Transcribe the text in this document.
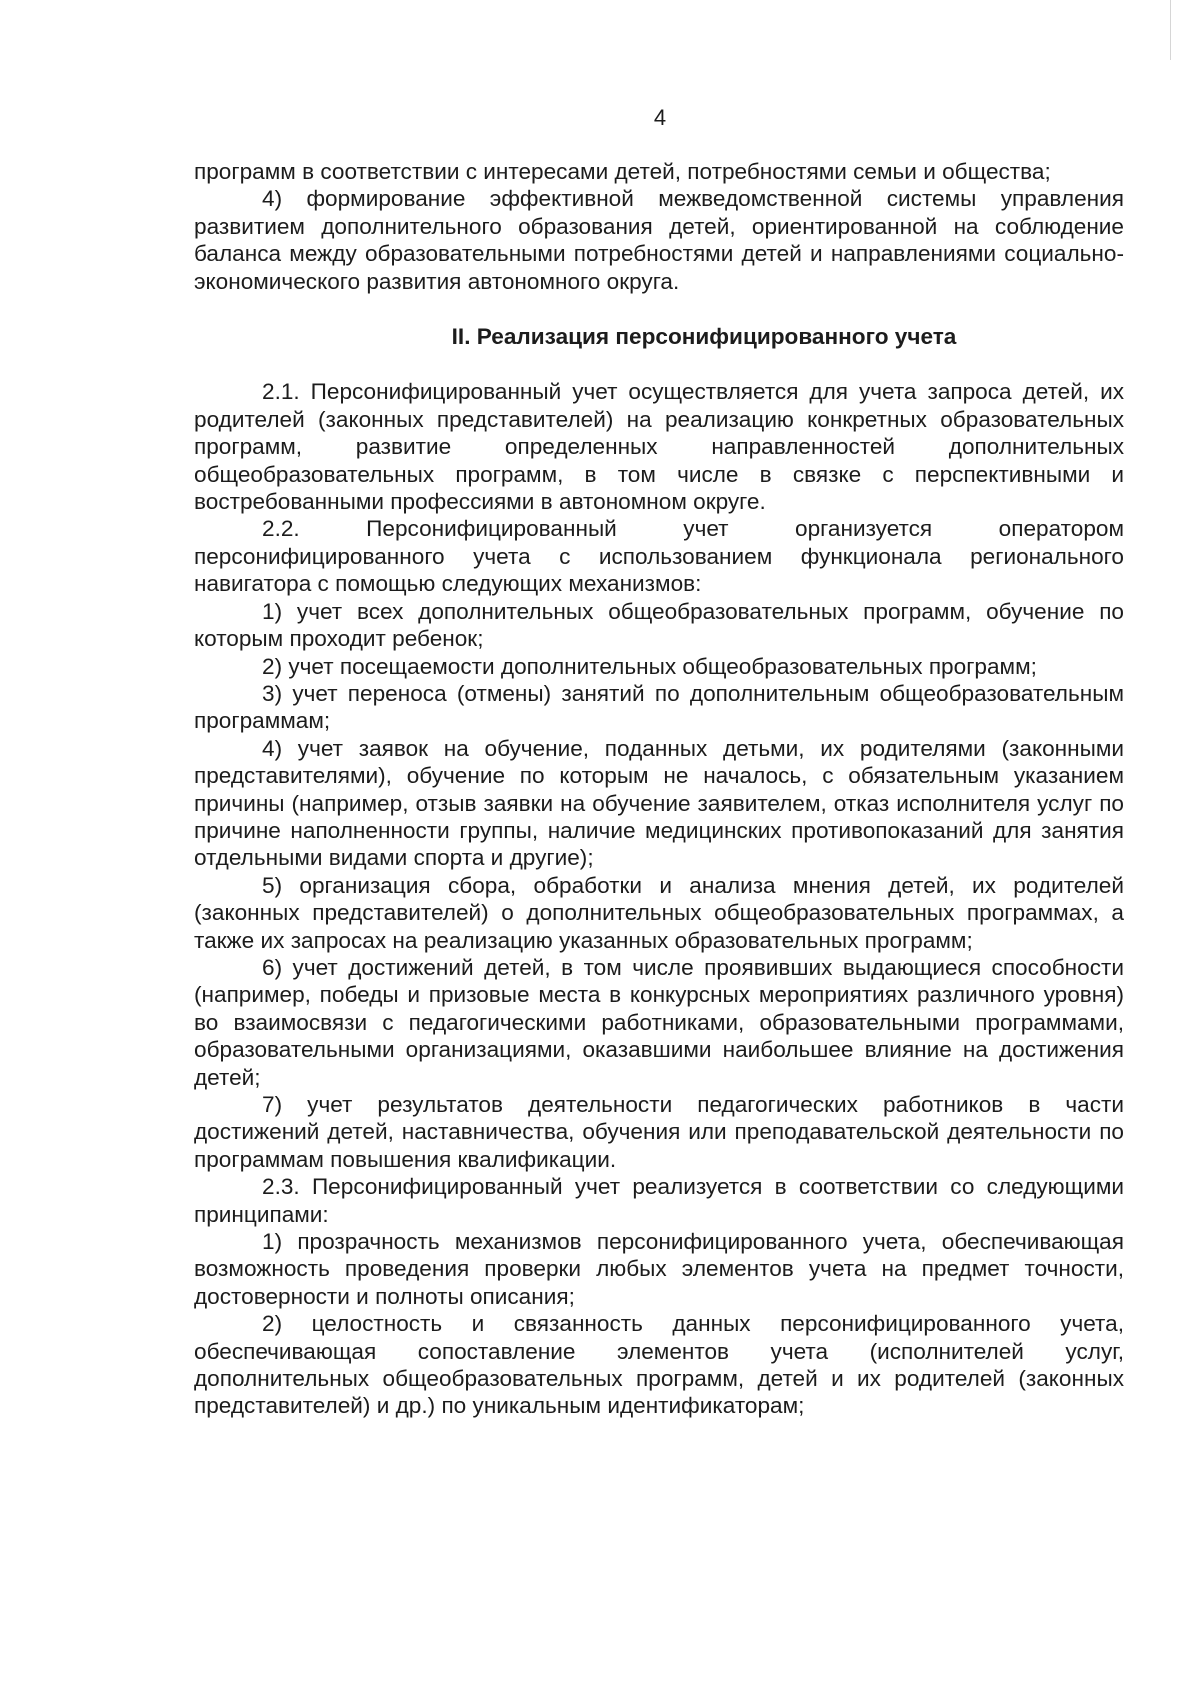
4

программ в соответствии с интересами детей, потребностями семьи и общества;

4) формирование эффективной межведомственной системы управления развитием дополнительного образования детей, ориентированной на соблюдение баланса между образовательными потребностями детей и направлениями социально-экономического развития автономного округа.

II. Реализация персонифицированного учета

2.1. Персонифицированный учет осуществляется для учета запроса детей, их родителей (законных представителей) на реализацию конкретных образовательных программ, развитие определенных направленностей дополнительных общеобразовательных программ, в том числе в связке с перспективными и востребованными профессиями в автономном округе.

2.2. Персонифицированный учет организуется оператором персонифицированного учета с использованием функционала регионального навигатора с помощью следующих механизмов:

1) учет всех дополнительных общеобразовательных программ, обучение по которым проходит ребенок;

2) учет посещаемости дополнительных общеобразовательных программ;

3) учет переноса (отмены) занятий по дополнительным общеобразовательным программам;

4) учет заявок на обучение, поданных детьми, их родителями (законными представителями), обучение по которым не началось, с обязательным указанием причины (например, отзыв заявки на обучение заявителем, отказ исполнителя услуг по причине наполненности группы, наличие медицинских противопоказаний для занятия отдельными видами спорта и другие);

5) организация сбора, обработки и анализа мнения детей, их родителей (законных представителей) о дополнительных общеобразовательных программах, а также их запросах на реализацию указанных образовательных программ;

6) учет достижений детей, в том числе проявивших выдающиеся способности (например, победы и призовые места в конкурсных мероприятиях различного уровня) во взаимосвязи с педагогическими работниками, образовательными программами, образовательными организациями, оказавшими наибольшее влияние на достижения детей;

7) учет результатов деятельности педагогических работников в части достижений детей, наставничества, обучения или преподавательской деятельности по программам повышения квалификации.

2.3. Персонифицированный учет реализуется в соответствии со следующими принципами:

1) прозрачность механизмов персонифицированного учета, обеспечивающая возможность проведения проверки любых элементов учета на предмет точности, достоверности и полноты описания;

2) целостность и связанность данных персонифицированного учета, обеспечивающая сопоставление элементов учета (исполнителей услуг, дополнительных общеобразовательных программ, детей и их родителей (законных представителей) и др.) по уникальным идентификаторам;
